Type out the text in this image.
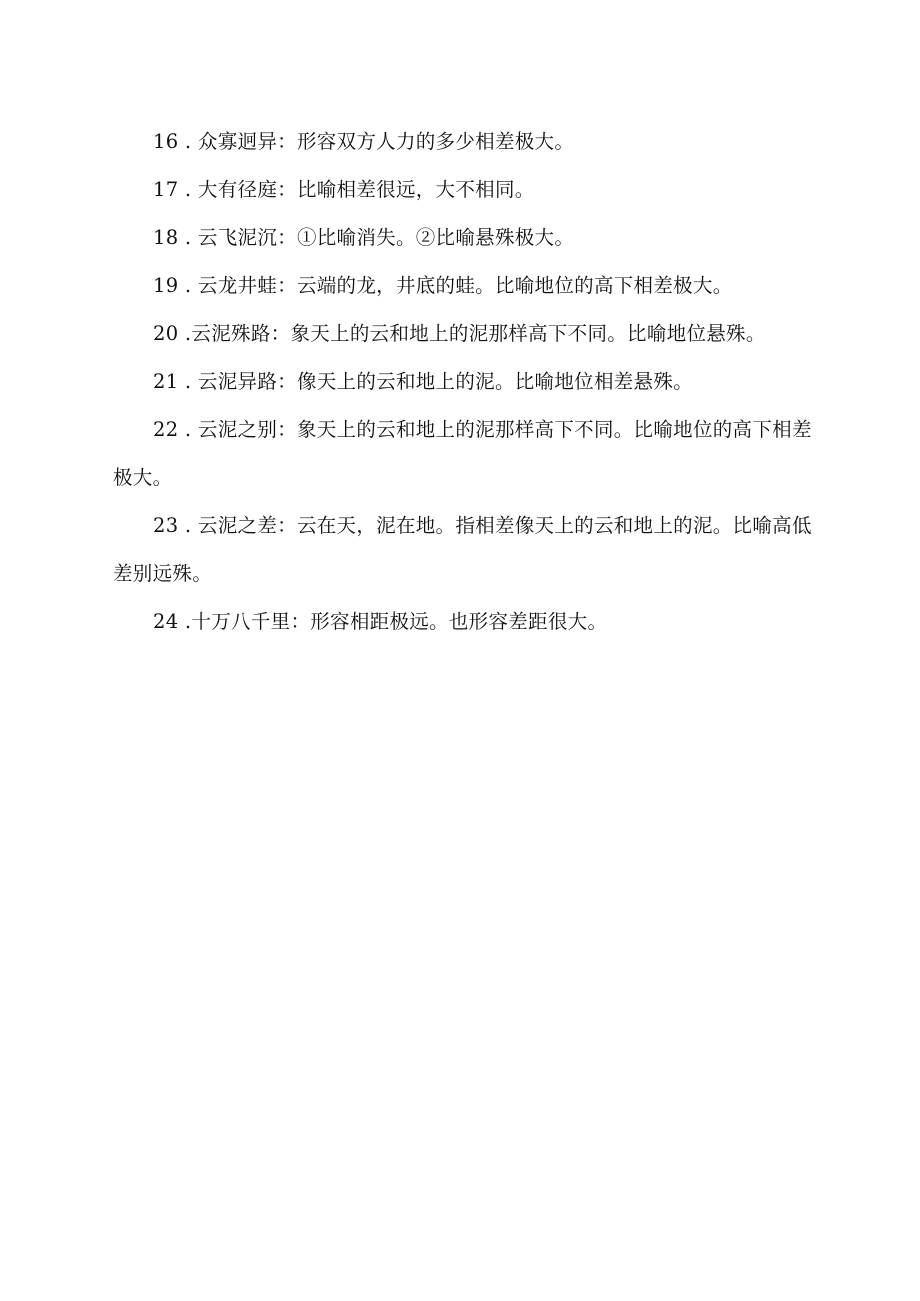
16 . 众寡迥异：形容双方人力的多少相差极大。

17 . 大有径庭：比喻相差很远，大不相同。

18 . 云飞泥沉：①比喻消失。②比喻悬殊极大。

19 . 云龙井蛙：云端的龙，井底的蛙。比喻地位的高下相差极大。

20 .云泥殊路：象天上的云和地上的泥那样高下不同。比喻地位悬殊。

21 . 云泥异路：像天上的云和地上的泥。比喻地位相差悬殊。

22 . 云泥之别：象天上的云和地上的泥那样高下不同。比喻地位的高下相差极大。

23 . 云泥之差：云在天，泥在地。指相差像天上的云和地上的泥。比喻高低差别远殊。

24 .十万八千里：形容相距极远。也形容差距很大。
